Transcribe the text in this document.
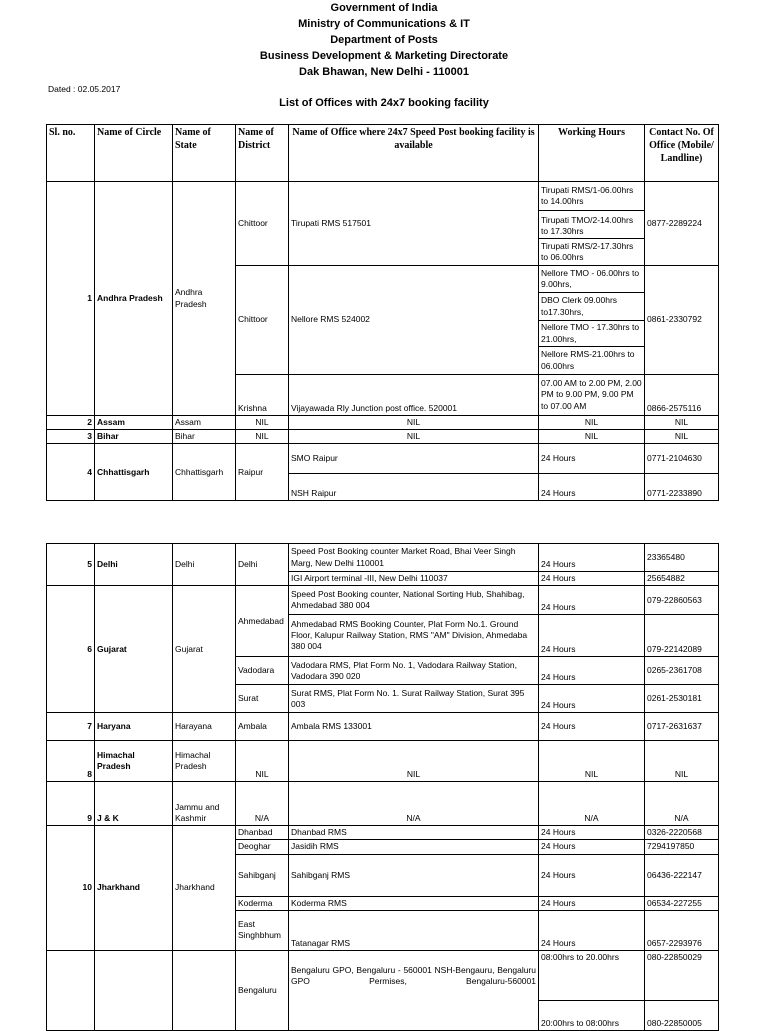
Government of India
Ministry of Communications & IT
Department of Posts
Business Development & Marketing Directorate
Dak Bhawan, New Delhi - 110001
Dated : 02.05.2017
List of Offices with 24x7 booking facility
Sl. no.	Name of Circle	Name of State	Name of District	Name of Office where 24x7 Speed Post booking facility is available	Working Hours	Contact No. Of Office (Mobile/ Landline)
1	Andhra Pradesh	Andhra Pradesh	Chittoor	Tirupati RMS 517501	Tirupati RMS/1-06.00hrs to 14.00hrs	0877-2289224
					Tirupati TMO/2-14.00hrs to 17.30hrs	
					Tirupati RMS/2-17.30hrs to 06.00hrs	
			Chittoor	Nellore RMS 524002	Nellore TMO - 06.00hrs to 9.00hrs,	0861-2330792
					DBO Clerk 09.00hrs to17.30hrs,	
					Nellore TMO - 17.30hrs to 21.00hrs,	
					Nellore RMS-21.00hrs to 06.00hrs	
			Krishna	Vijayawada Rly Junction post office. 520001	07.00 AM to 2.00 PM, 2.00 PM to 9.00 PM, 9.00 PM to 07.00 AM	0866-2575116
2	Assam	Assam	NIL	NIL	NIL	NIL
3	Bihar	Bihar	NIL	NIL	NIL	NIL
4	Chhattisgarh	Chhattisgarh	Raipur	SMO Raipur	24 Hours	0771-2104630
				NSH Raipur	24 Hours	0771-2233890
5	Delhi	Delhi	Delhi	Speed Post Booking counter Market Road, Bhai Veer Singh Marg, New Delhi 110001	24 Hours	23365480
				IGI Airport terminal -III, New Delhi 110037	24 Hours	25654882
6	Gujarat	Gujarat	Ahmedabad	Speed Post Booking counter, National Sorting Hub, Shahibag, Ahmedabad 380 004	24 Hours	079-22860563
				Ahmedabad RMS Booking Counter, Plat Form No.1. Ground Floor, Kalupur Railway Station, RMS "AM" Division, Ahmedaba 380 004	24 Hours	079-22142089
			Vadodara	Vadodara RMS, Plat Form No. 1, Vadodara Railway Station, Vadodara 390 020	24 Hours	0265-2361708
			Surat	Surat RMS, Plat Form No. 1. Surat Railway Station, Surat 395 003	24 Hours	0261-2530181
7	Haryana	Harayana	Ambala	Ambala RMS 133001	24 Hours	0717-2631637
8	Himachal Pradesh	Himachal Pradesh	NIL	NIL	NIL	NIL
9	J & K	Jammu and Kashmir	N/A	N/A	N/A	N/A
10	Jharkhand	Jharkhand	Dhanbad	Dhanbad RMS	24 Hours	0326-2220568
			Deoghar	Jasidih RMS	24 Hours	7294197850
			Sahibganj	Sahibganj RMS	24 Hours	06436-222147
			Koderma	Koderma RMS	24 Hours	06534-227255
			East Singhbhum	Tatanagar RMS	24 Hours	0657-2293976
			Bengaluru	Bengaluru GPO, Bengaluru - 560001 NSH-Bengauru, Bengaluru GPO Permises, Bengaluru-560001	08:00hrs to 20.00hrs	080-22850029
					20:00hrs to 08:00hrs	080-22850005
